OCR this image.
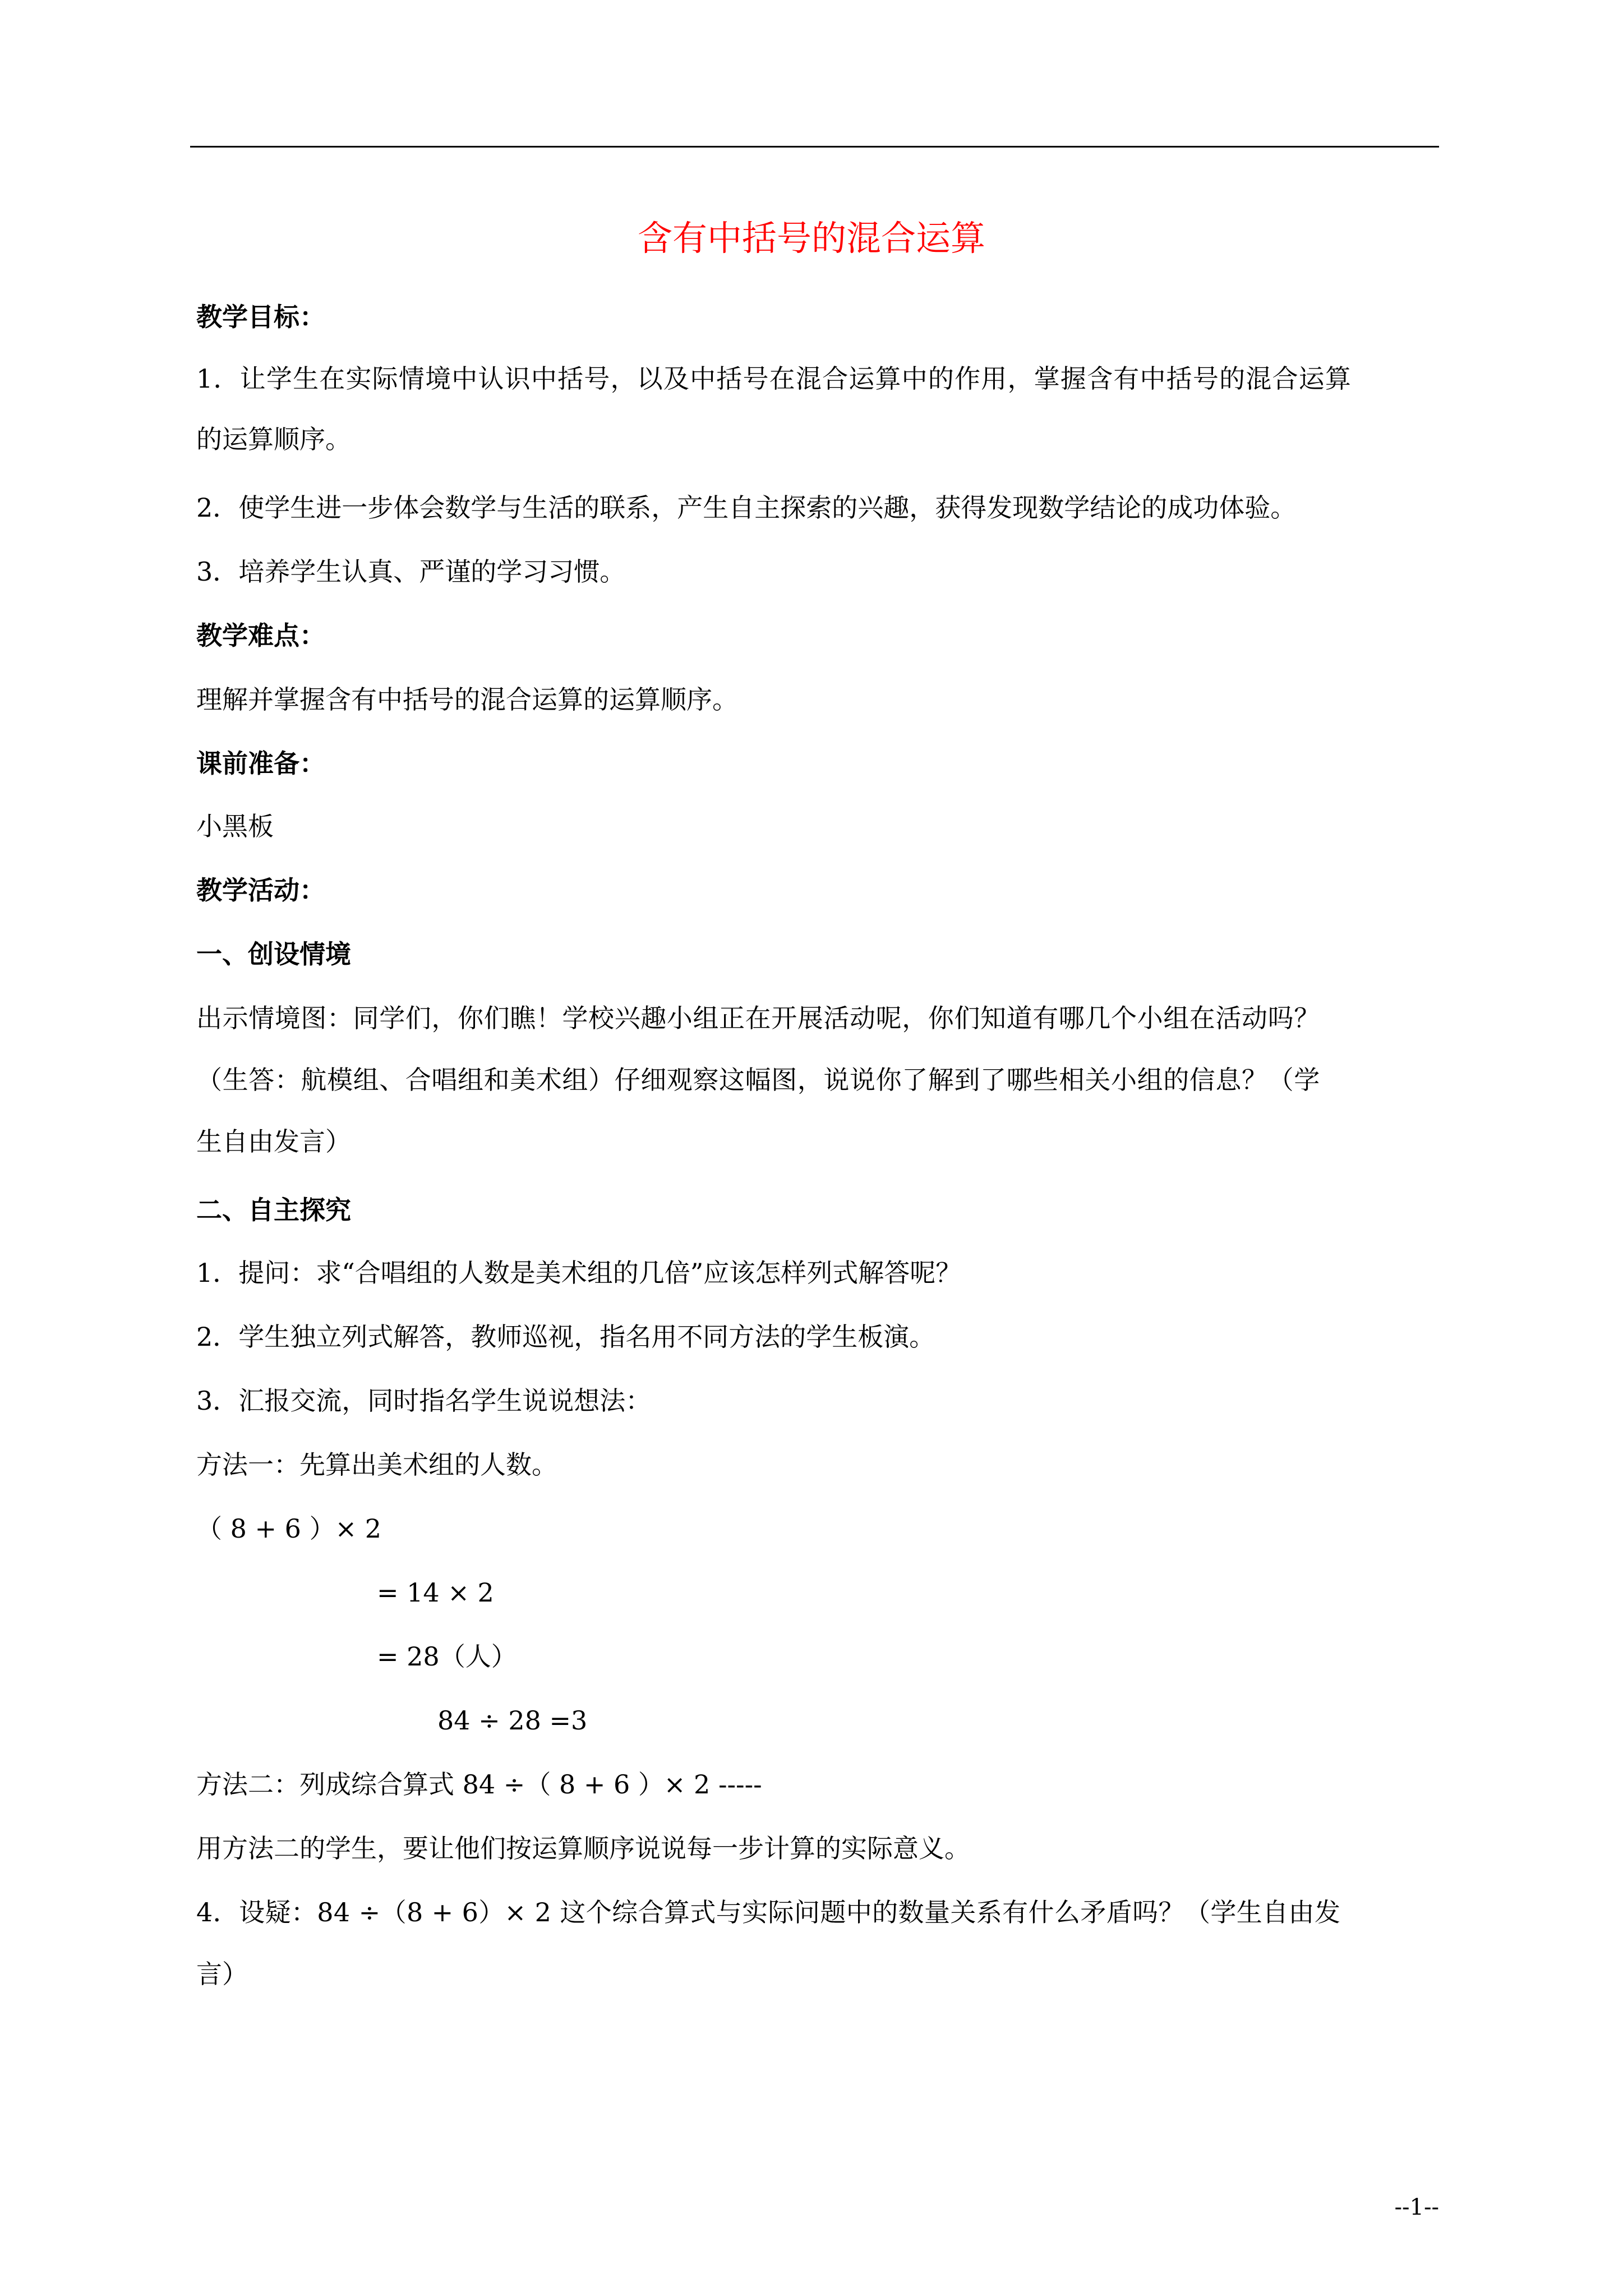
含有中括号的混合运算
教学目标：
1．让学生在实际情境中认识中括号，以及中括号在混合运算中的作用，掌握含有中括号的混合运算
的运算顺序。
2．使学生进一步体会数学与生活的联系，产生自主探索的兴趣，获得发现数学结论的成功体验。
3．培养学生认真、严谨的学习习惯。
教学难点：
理解并掌握含有中括号的混合运算的运算顺序。
课前准备：
小黑板
教学活动：
一、创设情境
出示情境图：同学们，你们瞧！学校兴趣小组正在开展活动呢，你们知道有哪几个小组在活动吗？
（生答：航模组、合唱组和美术组）仔细观察这幅图，说说你了解到了哪些相关小组的信息？（学
生自由发言）
二、自主探究
1．提问：求“合唱组的人数是美术组的几倍”应该怎样列式解答呢？
2．学生独立列式解答，教师巡视，指名用不同方法的学生板演。
3．汇报交流，同时指名学生说说想法：
方法一：先算出美术组的人数。
（ 8 + 6 ）× 2
= 14 × 2
= 28（人）
84 ÷ 28 =3
方法二：列成综合算式 84 ÷（ 8 + 6 ）× 2 -----
用方法二的学生，要让他们按运算顺序说说每一步计算的实际意义。
4．设疑：84 ÷（8 + 6）× 2 这个综合算式与实际问题中的数量关系有什么矛盾吗？（学生自由发
言）
--1--
